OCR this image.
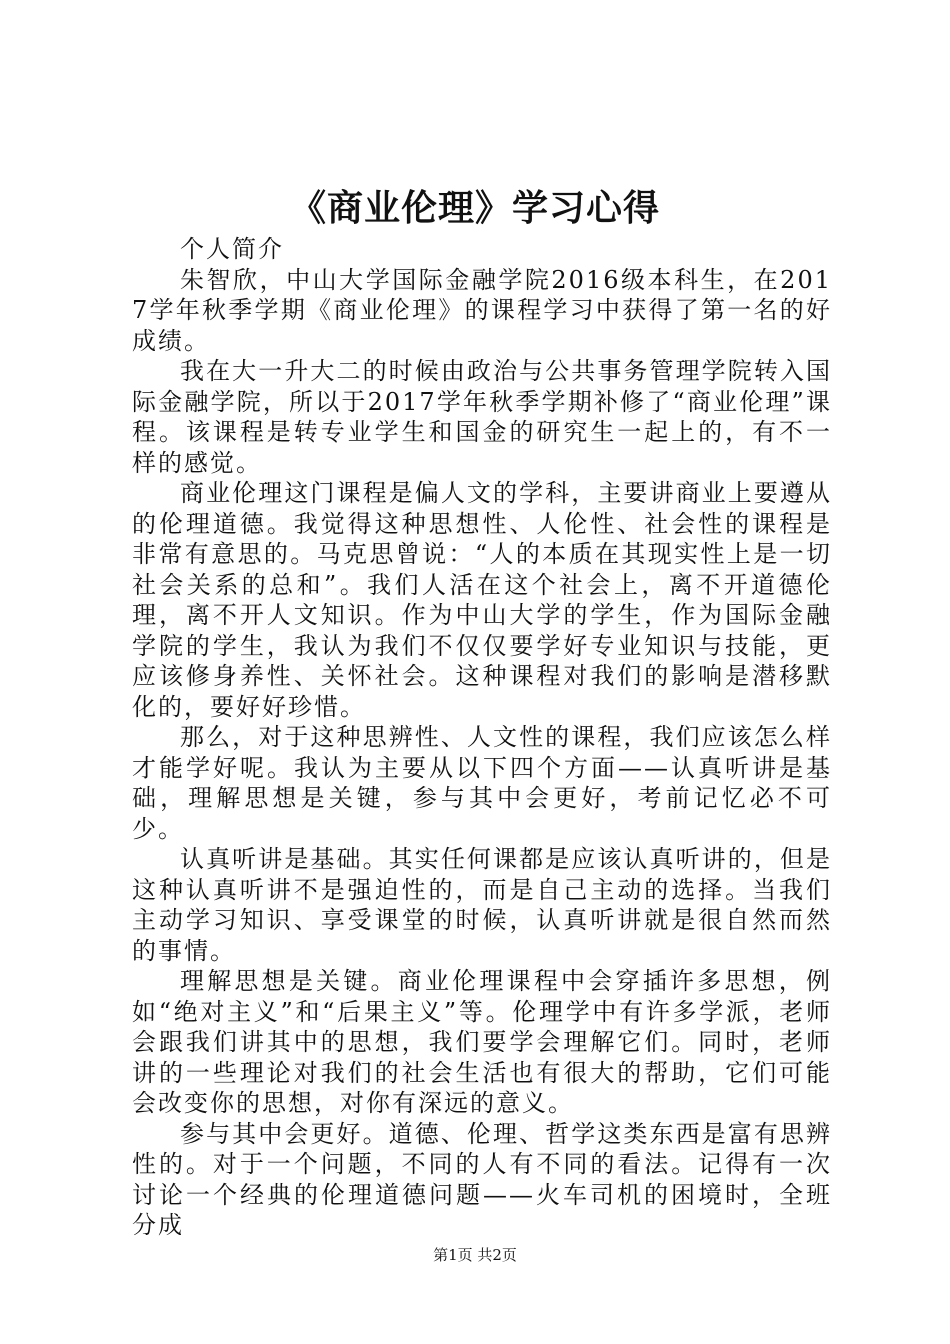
《商业伦理》学习心得

个人简介

朱智欣，中山大学国际金融学院2016级本科生，在2017学年秋季学期《商业伦理》的课程学习中获得了第一名的好成绩。

我在大一升大二的时候由政治与公共事务管理学院转入国际金融学院，所以于2017学年秋季学期补修了“商业伦理”课程。该课程是转专业学生和国金的研究生一起上的，有不一样的感觉。

商业伦理这门课程是偏人文的学科，主要讲商业上要遵从的伦理道德。我觉得这种思想性、人伦性、社会性的课程是非常有意思的。马克思曾说：“人的本质在其现实性上是一切社会关系的总和”。我们人活在这个社会上，离不开道德伦理，离不开人文知识。作为中山大学的学生，作为国际金融学院的学生，我认为我们不仅仅要学好专业知识与技能，更应该修身养性、关怀社会。这种课程对我们的影响是潜移默化的，要好好珍惜。

那么，对于这种思辨性、人文性的课程，我们应该怎么样才能学好呢。我认为主要从以下四个方面——认真听讲是基础，理解思想是关键，参与其中会更好，考前记忆必不可少。

认真听讲是基础。其实任何课都是应该认真听讲的，但是这种认真听讲不是强迫性的，而是自己主动的选择。当我们主动学习知识、享受课堂的时候，认真听讲就是很自然而然的事情。

理解思想是关键。商业伦理课程中会穿插许多思想，例如“绝对主义”和“后果主义”等。伦理学中有许多学派，老师会跟我们讲其中的思想，我们要学会理解它们。同时，老师讲的一些理论对我们的社会生活也有很大的帮助，它们可能会改变你的思想，对你有深远的意义。

参与其中会更好。道德、伦理、哲学这类东西是富有思辨性的。对于一个问题，不同的人有不同的看法。记得有一次讨论一个经典的伦理道德问题——火车司机的困境时，全班分成

第1页 共2页
